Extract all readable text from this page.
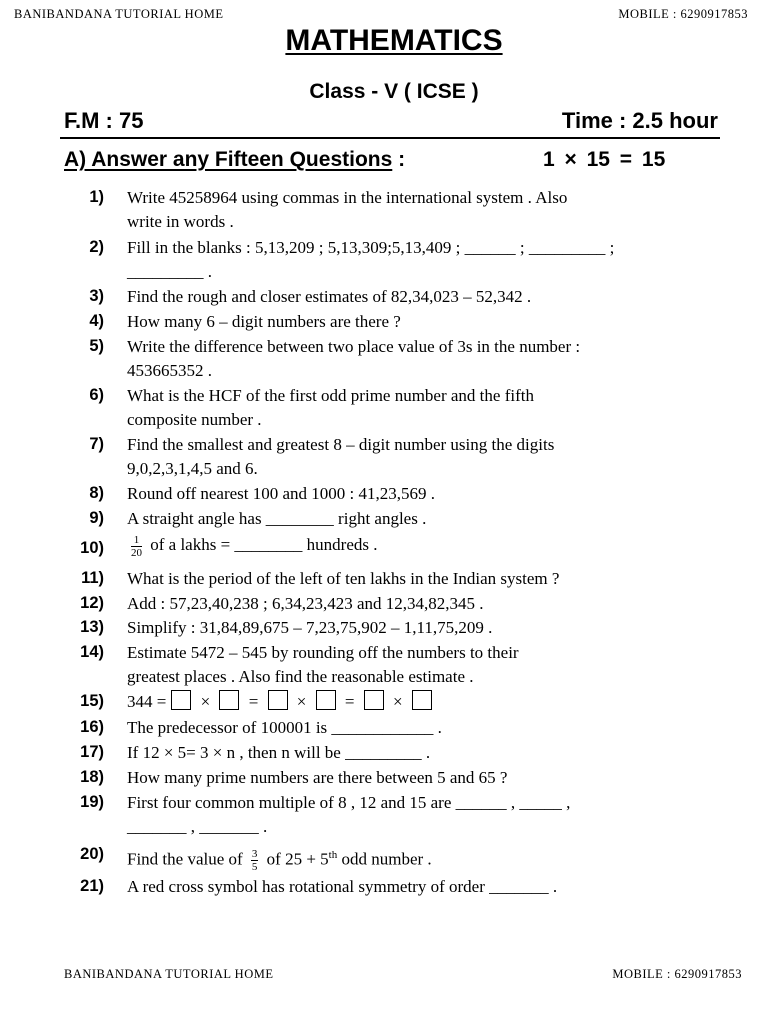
BANIBANDANA TUTORIAL HOME	MOBILE : 6290917853
MATHEMATICS
Class - V ( ICSE )
F.M : 75	Time : 2.5 hour
A) Answer any Fifteen Questions :	1 × 15 = 15
1) Write 45258964 using commas in the international system . Also
write in words .
2) Fill in the blanks : 5,13,209 ; 5,13,309;5,13,409 ; ______ ; _________ ;
_________ .
3) Find the rough and closer estimates of 82,34,023 – 52,342 .
4) How many 6 – digit numbers are there ?
5) Write the difference between two place value of 3s in the number :
453665352 .
6) What is the HCF of the first odd prime number and the fifth
composite number .
7) Find the smallest and greatest 8 – digit number using the digits
9,0,2,3,1,4,5 and 6.
8) Round off nearest 100 and 1000 : 41,23,569 .
9) A straight angle has ________ right angles .
$10) \frac{1}{20}$ of a lakhs = ________ hundreds .
11) What is the period of the left of ten lakhs in the Indian system ?
12) Add : 57,23,40,238 ; 6,34,23,423 and 12,34,82,345 .
13) Simplify : 31,84,89,675 – 7,23,75,902 – 1,11,75,209 .
14) Estimate 5472 – 545 by rounding off the numbers to their
greatest places . Also find the reasonable estimate .
15) 344 = ×  =  ×  =  ×
16) The predecessor of 100001 is ____________ .
17) If 12 × 5= 3 × n , then n will be _________ .
18) How many prime numbers are there between 5 and 65 ?
19) First four common multiple of 8 , 12 and 15 are ______ , _____ ,
_______ , _______ .
20) Find the value of $\frac{3}{5}$ of 25 + 5th odd number .
21) A red cross symbol has rotational symmetry of order _______ .
BANIBANDANA TUTORIAL HOME	MOBILE : 6290917853
